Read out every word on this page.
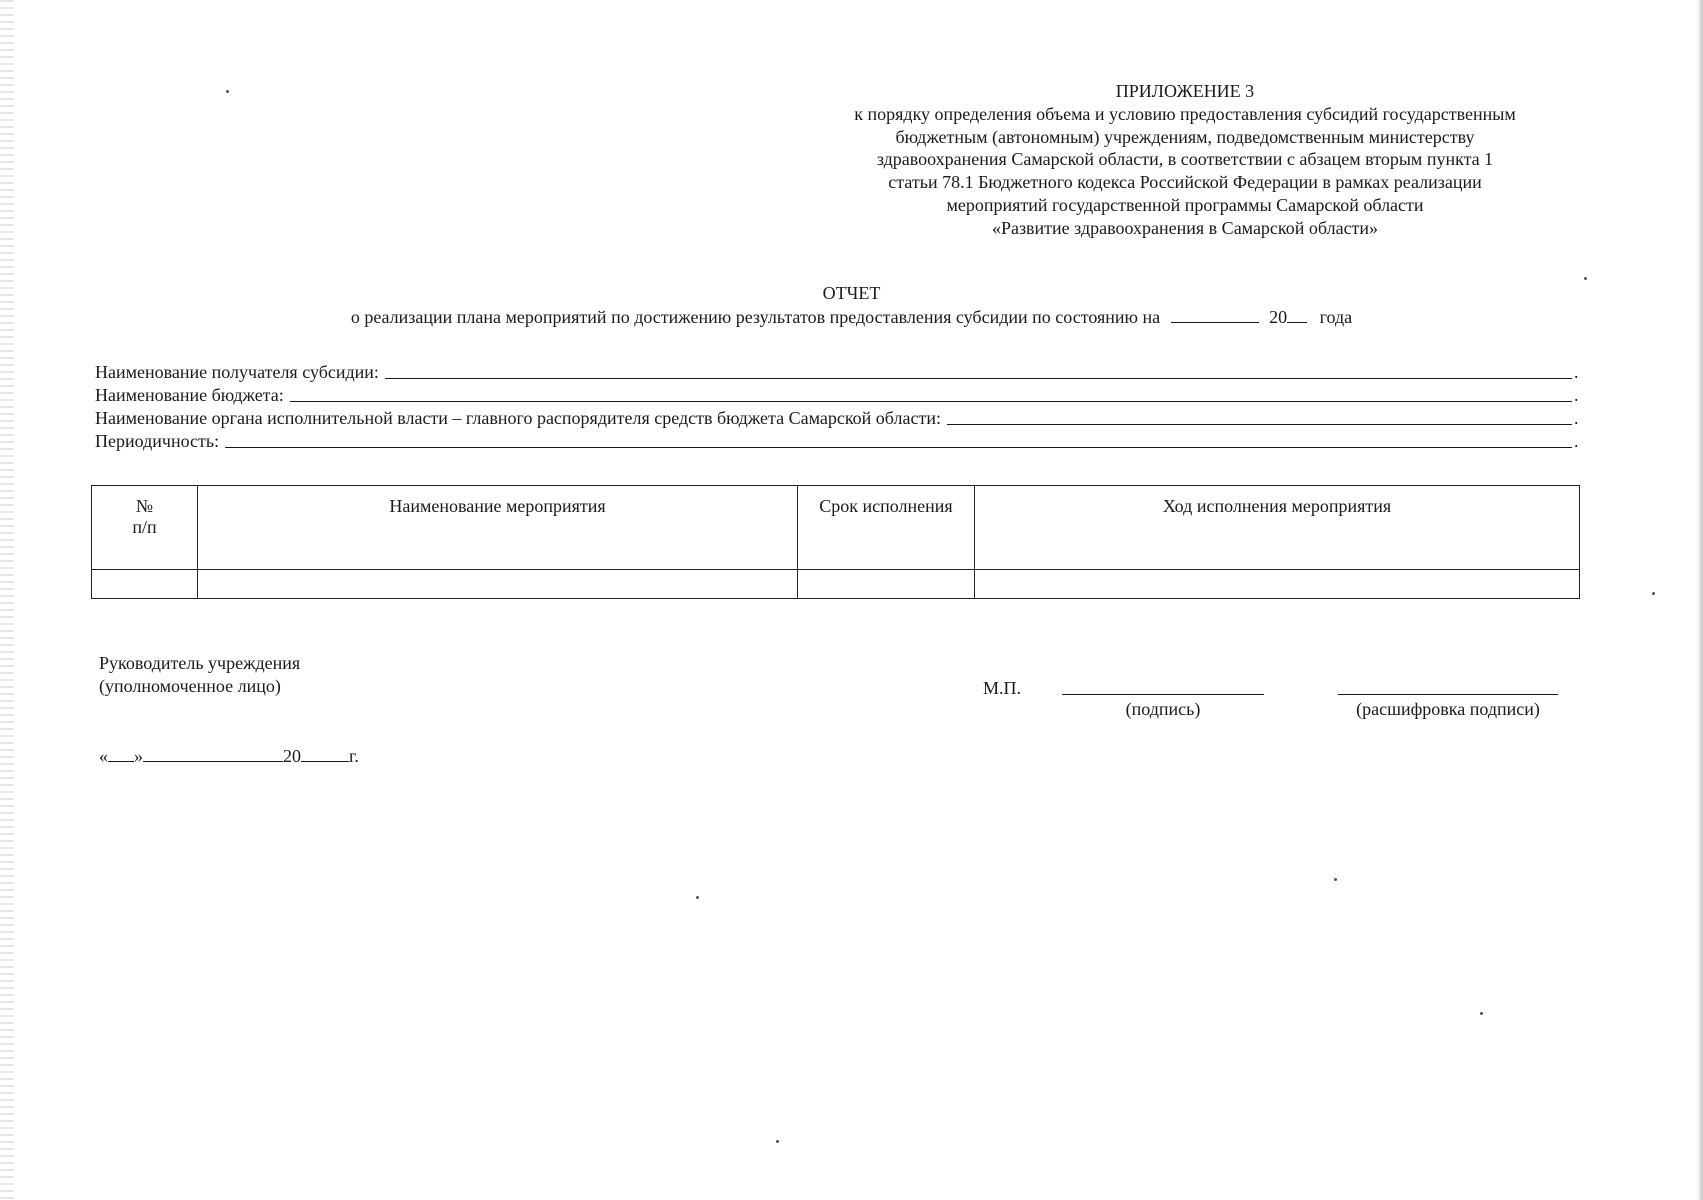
ПРИЛОЖЕНИЕ 3
к порядку определения объема и условию предоставления субсидий государственным
бюджетным (автономным) учреждениям, подведомственным министерству
здравоохранения Самарской области, в соответствии с абзацем вторым пункта 1
статьи 78.1 Бюджетного кодекса Российской Федерации в рамках реализации
мероприятий государственной программы Самарской области
«Развитие здравоохранения в Самарской области»
ОТЧЕТ
о реализации плана мероприятий по достижению результатов предоставления субсидии по состоянию на	20 года
Наименование получателя субсидии:	.
Наименование бюджета:	.
Наименование органа исполнительной власти – главного распорядителя средств бюджета Самарской области:	.
Периодичность:	.
№
п/п	Наименование мероприятия	Срок исполнения	Ход исполнения мероприятия

Руководитель учреждения
(уполномоченное лицо)	М.П.
(подпись)	(расшифровка подписи)
« »	20	г.
